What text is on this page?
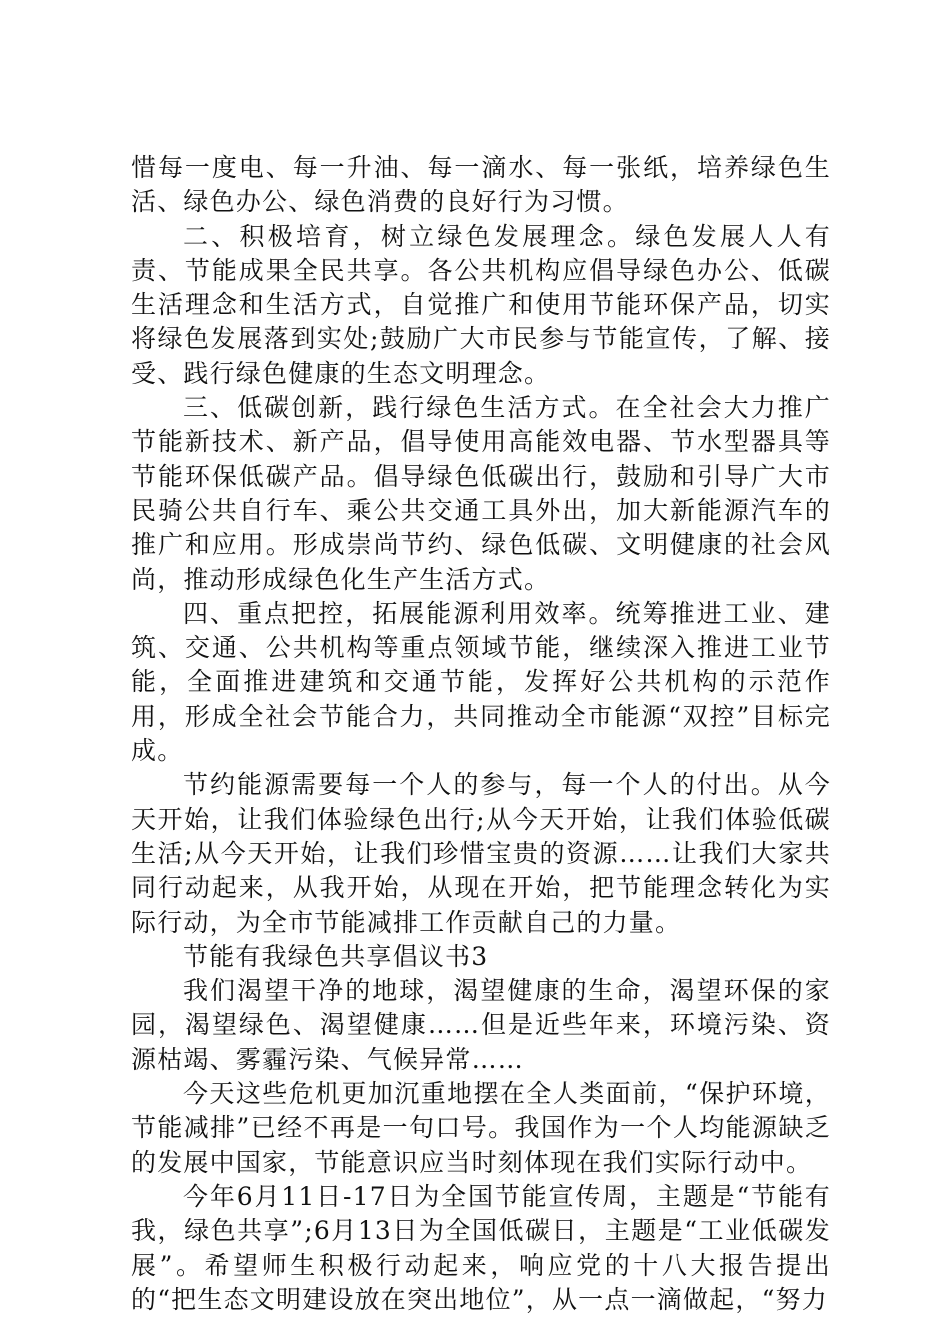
惜每一度电、每一升油、每一滴水、每一张纸，培养绿色生活、绿色办公、绿色消费的良好行为习惯。

二、积极培育，树立绿色发展理念。绿色发展人人有责、节能成果全民共享。各公共机构应倡导绿色办公、低碳生活理念和生活方式，自觉推广和使用节能环保产品，切实将绿色发展落到实处;鼓励广大市民参与节能宣传，了解、接受、践行绿色健康的生态文明理念。

三、低碳创新，践行绿色生活方式。在全社会大力推广节能新技术、新产品，倡导使用高能效电器、节水型器具等节能环保低碳产品。倡导绿色低碳出行，鼓励和引导广大市民骑公共自行车、乘公共交通工具外出，加大新能源汽车的推广和应用。形成崇尚节约、绿色低碳、文明健康的社会风尚，推动形成绿色化生产生活方式。

四、重点把控，拓展能源利用效率。统筹推进工业、建筑、交通、公共机构等重点领域节能，继续深入推进工业节能，全面推进建筑和交通节能，发挥好公共机构的示范作用，形成全社会节能合力，共同推动全市能源“双控”目标完成。

节约能源需要每一个人的参与，每一个人的付出。从今天开始，让我们体验绿色出行;从今天开始，让我们体验低碳生活;从今天开始，让我们珍惜宝贵的资源……让我们大家共同行动起来，从我开始，从现在开始，把节能理念转化为实际行动，为全市节能减排工作贡献自己的力量。

节能有我绿色共享倡议书3

我们渴望干净的地球，渴望健康的生命，渴望环保的家园，渴望绿色、渴望健康……但是近些年来，环境污染、资源枯竭、雾霾污染、气候异常……

今天这些危机更加沉重地摆在全人类面前，“保护环境，节能减排”已经不再是一句口号。我国作为一个人均能源缺乏的发展中国家，节能意识应当时刻体现在我们实际行动中。

今年6月11日-17日为全国节能宣传周，主题是“节能有我，绿色共享”;6月13日为全国低碳日，主题是“工业低碳发展”。希望师生积极行动起来，响应党的十八大报告提出的“把生态文明建设放在突出地位”，从一点一滴做起，“努力
